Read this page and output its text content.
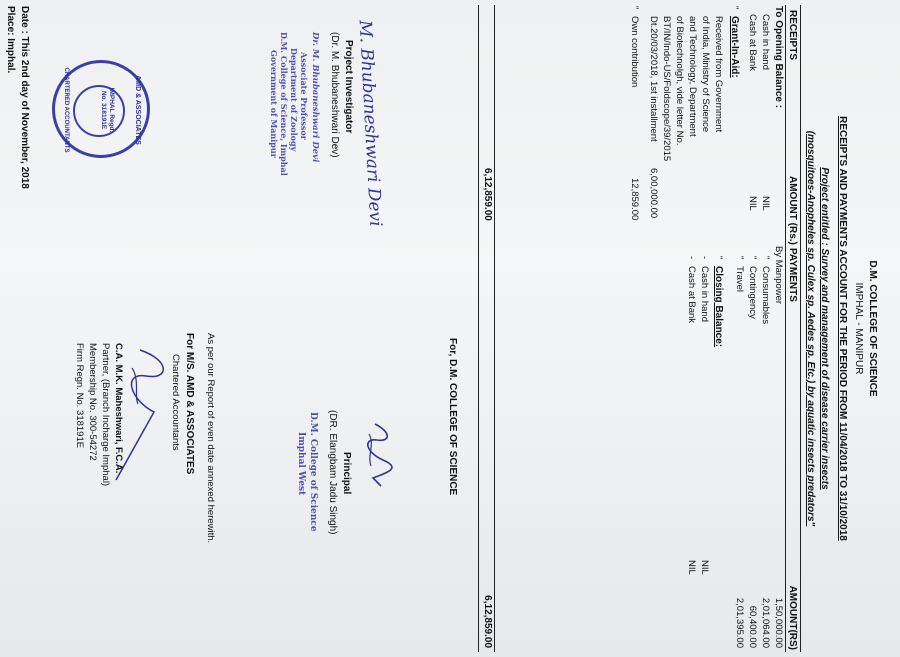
D.M. COLLEGE OF SCIENCE
IMPHAL - MANIPUR
RECEIPTS AND PAYMENTS ACCOUNT FOR THE PERIOD FROM 11/04/2018 TO 31/10/2018
Project entitled : Survey and management of disease carrier insects
(mosquitoes-Anopheles sp. Culex sp. Aedes sp. Etc.) by aquatic insects predators"
RECEIPTS
AMOUNT (Rs.)
PAYMENTS
AMOUNT(RS)
To Opening Balance :
Cash in hand
NIL
Cash at Bank
NIL
"
Grant-In-Aid:
Received from Government
of India, Ministry of Science
and Technology, Department
of Biotechnolgh, vide letter No.
BT/IN/Indo-US/Foldscope/39/2015
Dt.20/03/2018, 1st installment
6,00,000.00
"
Own contribution
12,859.00
By Manpower
1,50,000.00
"
Consumables
2,01,064.00
"
Contingency
60,400.00
"
Travel
2,01,395.00
"
Closing Balance:
-
Cash in hand
NIL
-
Cash at Bank
NIL
6,12,859.00
6,12,859.00
For, D.M. COLLEGE OF SCIENCE
M. Bhubaneshwari Devi
Project Investigator
(Dr. M. Bhubaneshwari Dev)
Dr. M. Bhubaneshwari Devi
Associate Professor
Department of Zoology
D.M. College of Science, Imphal
Government of Manipur
Principal
(DR. Elangbam Jadu Singh)
D.M. College of Science
Imphal West
As per our Report of even date annexed herewith.
For M/S. AMD & ASSOCIATES
Chartered Accountants
C.A. M.K. Maheshwari, F.C.A.
Partner, (Branch Incharge Imphal)
Membership No. 300-54272
Firm Regn. No. 318191E
Date : This 2nd day of November, 2018
Place: Imphal.
AMD & ASSOCIATES
IMPHAL Regd. No. 318191E
CHARTERED ACCOUNTANTS
